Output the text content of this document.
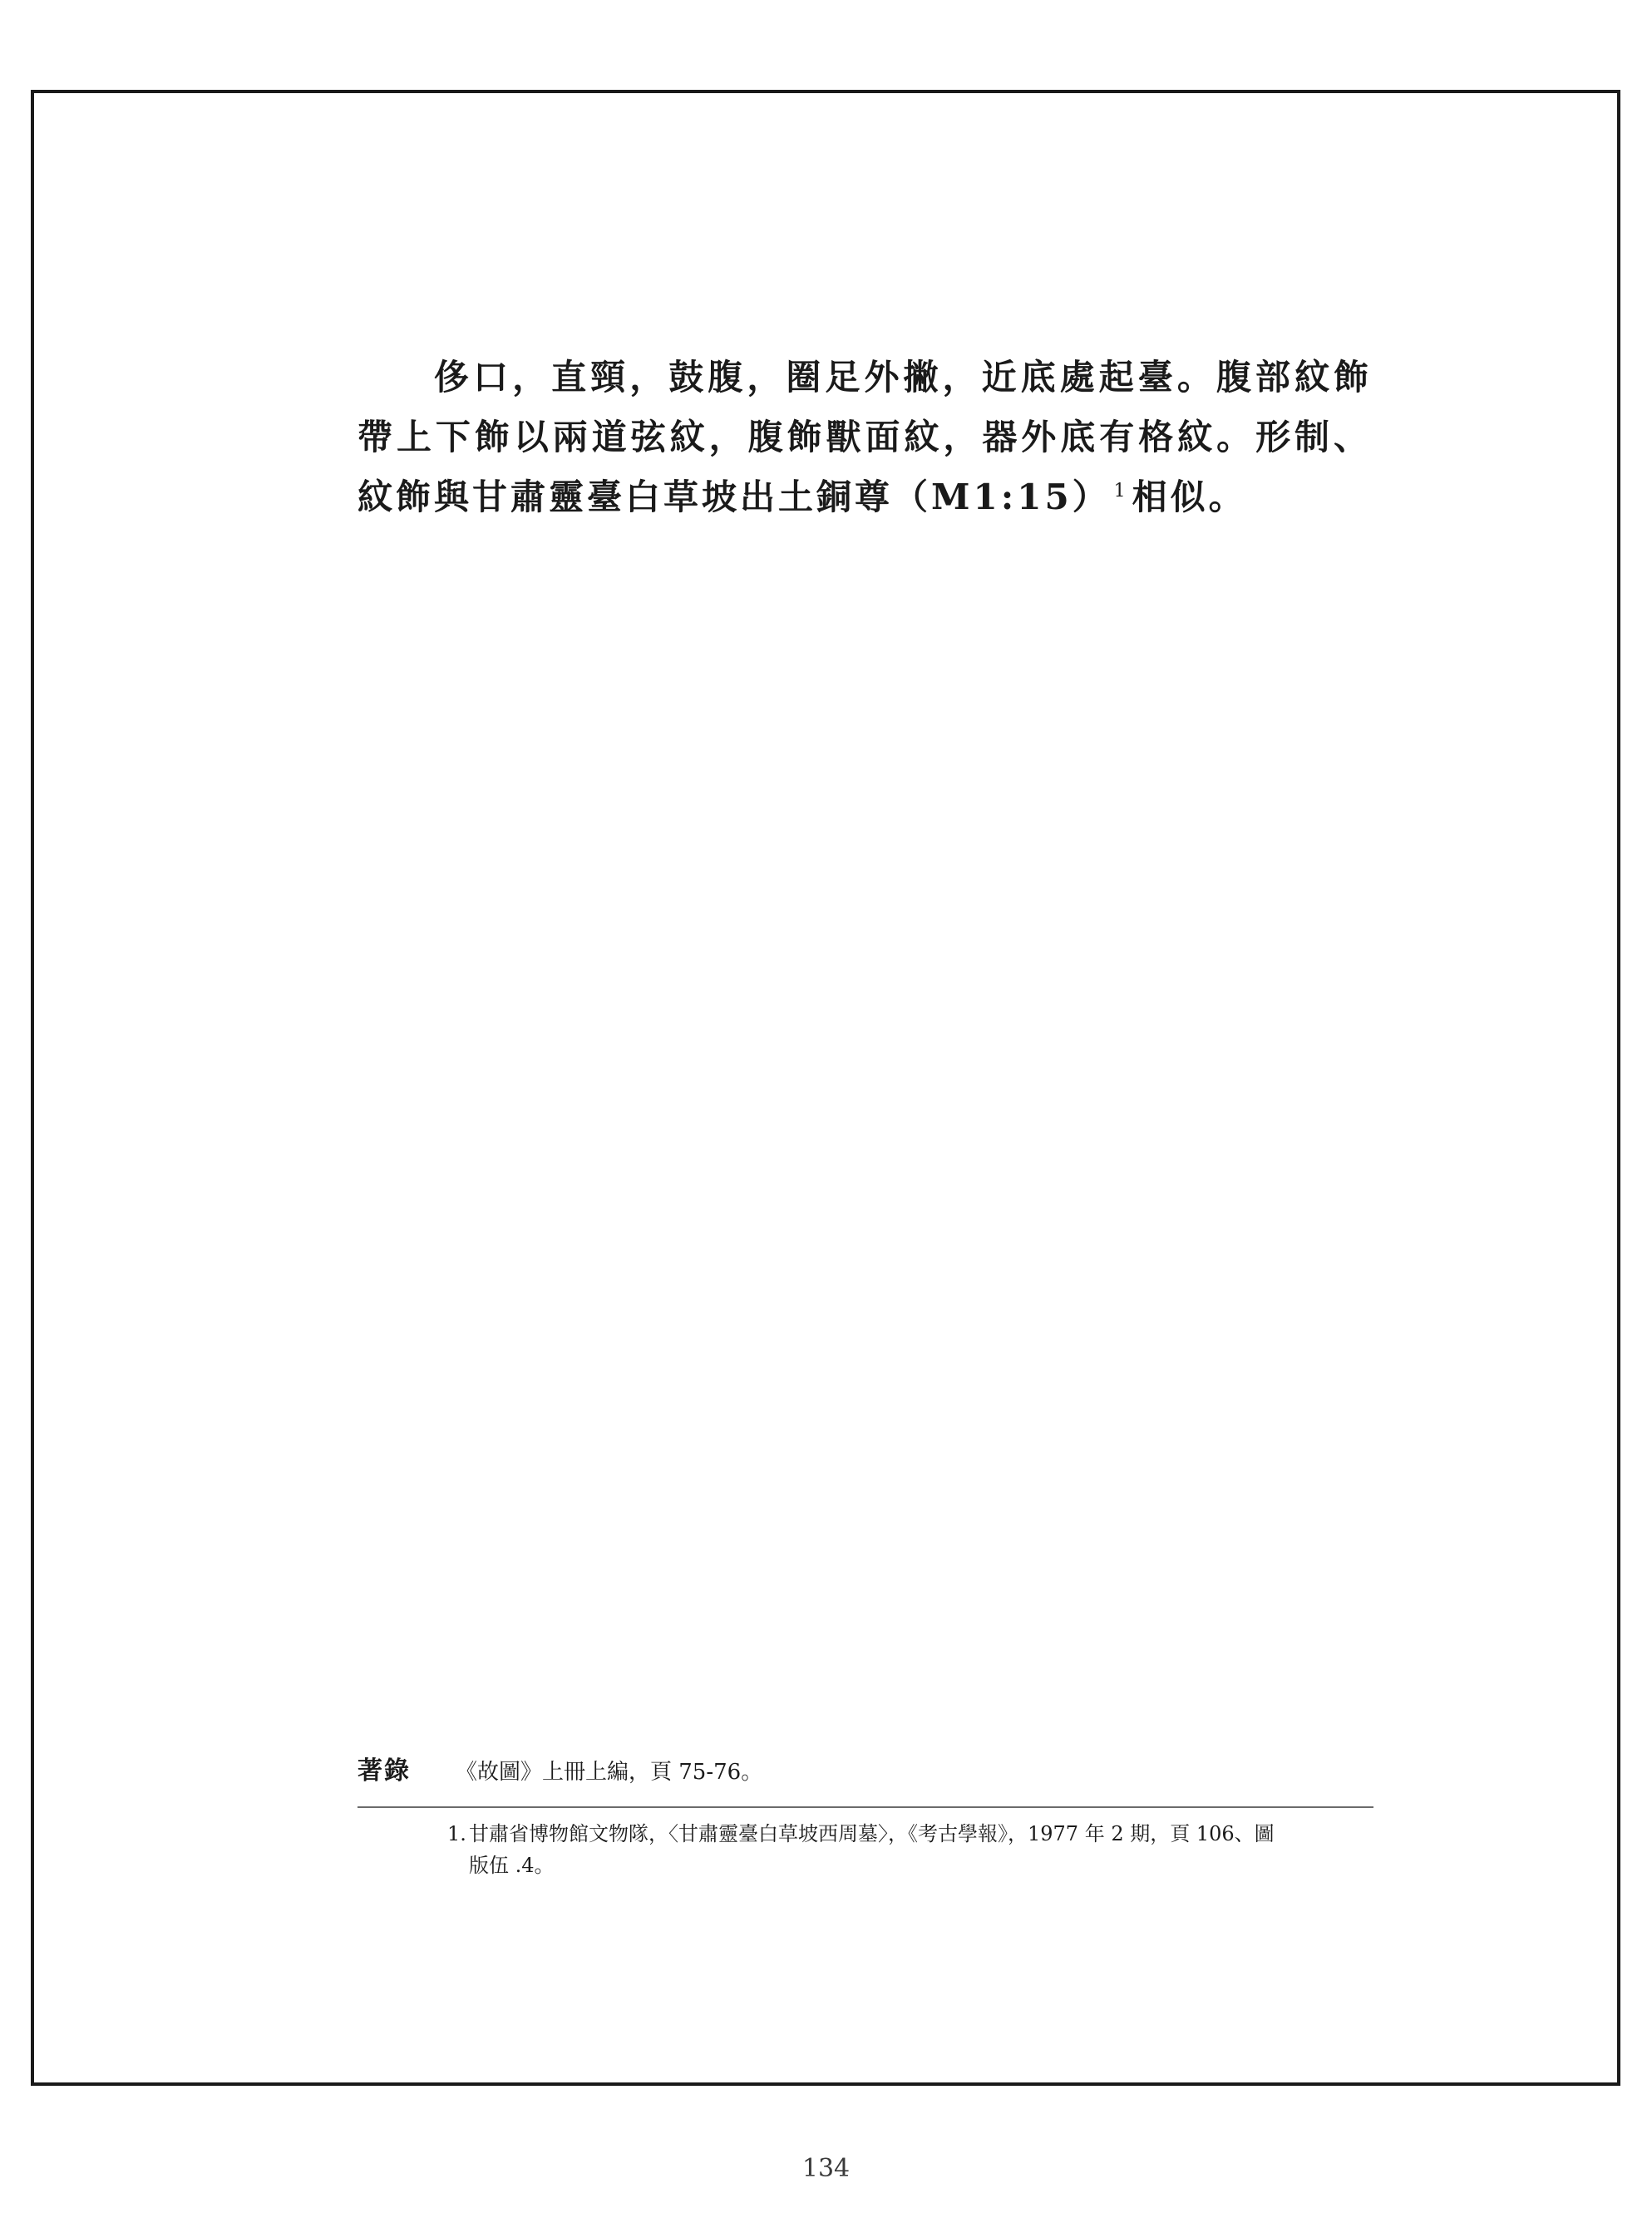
侈口，直頸，鼓腹，圈足外撇，近底處起臺。腹部紋飾帶上下飾以兩道弦紋，腹飾獸面紋，器外底有格紋。形制、紋飾與甘肅靈臺白草坡出土銅尊（M1:15） $^1$相似。

著錄 《故圖》上冊上編，頁 75-76。
1. 甘肅省博物館文物隊，〈甘肅靈臺白草坡西周墓〉，《考古學報》，1977 年 2 期，頁 106、圖
版伍 .4。
134
